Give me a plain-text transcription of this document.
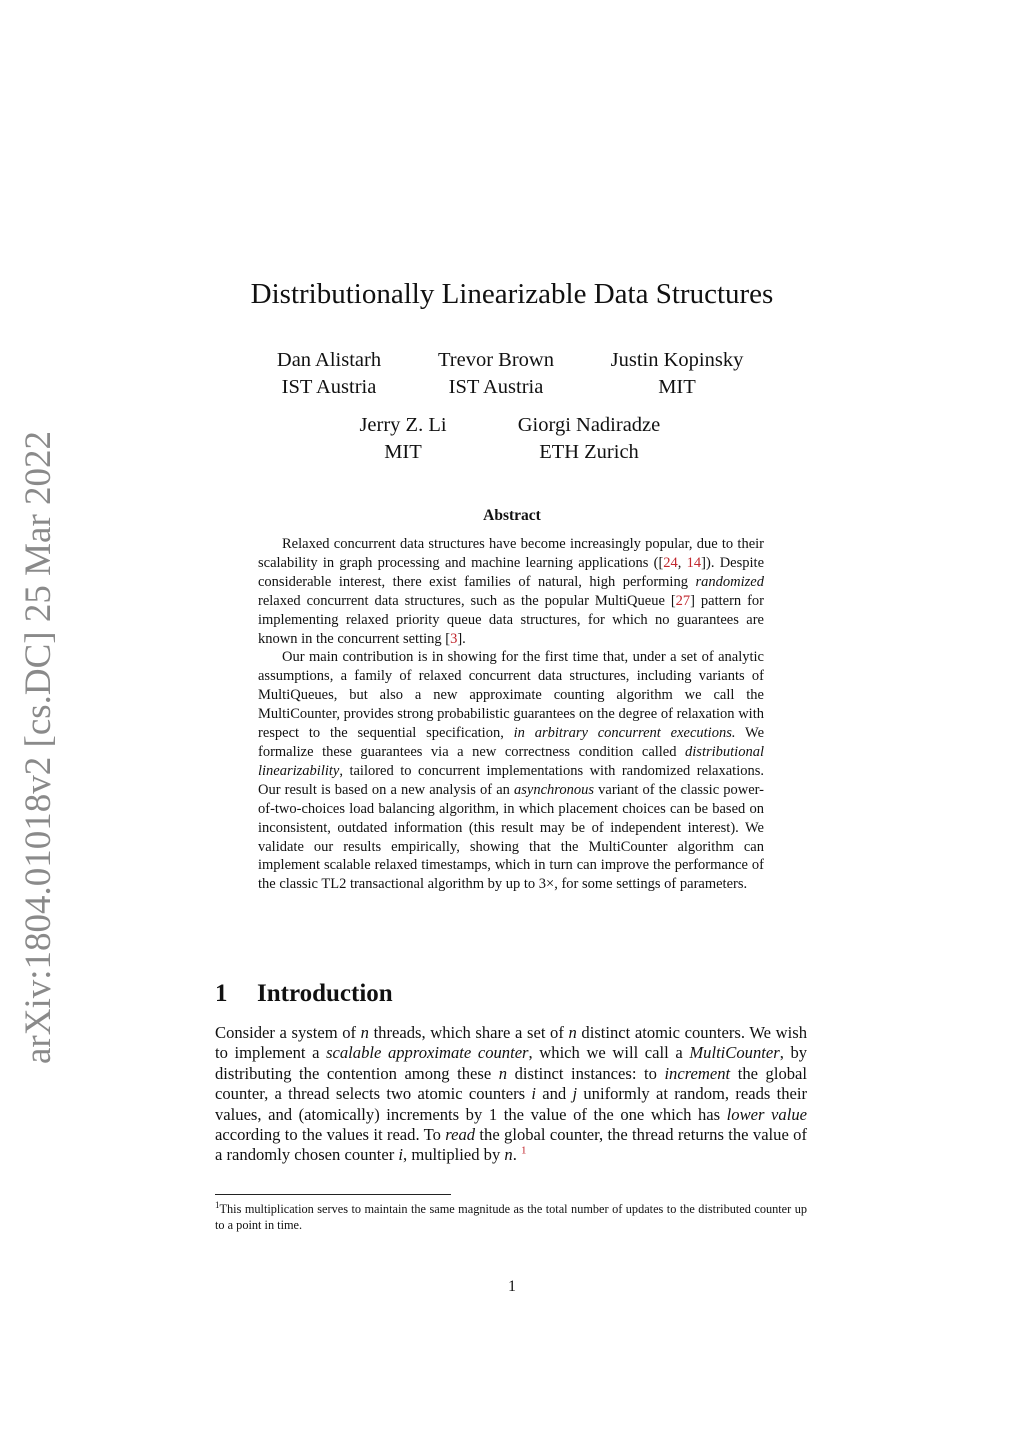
arXiv:1804.01018v2 [cs.DC] 25 Mar 2022
Distributionally Linearizable Data Structures
Dan Alistarh
IST Austria
Trevor Brown
IST Austria
Justin Kopinsky
MIT
Jerry Z. Li
MIT
Giorgi Nadiradze
ETH Zurich
Abstract

Relaxed concurrent data structures have become increasingly popular, due to their scalability in graph processing and machine learning applications ([24, 14]). Despite considerable interest, there exist families of natural, high performing randomized relaxed concurrent data structures, such as the popular MultiQueue [27] pattern for implementing relaxed priority queue data structures, for which no guarantees are known in the concurrent setting [3].

Our main contribution is in showing for the first time that, under a set of analytic assumptions, a family of relaxed concurrent data structures, including variants of MultiQueues, but also a new approximate counting algorithm we call the MultiCounter, provides strong probabilistic guarantees on the degree of relaxation with respect to the sequential specification, in arbitrary concurrent executions. We formalize these guarantees via a new correctness condition called distributional linearizability, tailored to concurrent implementations with randomized relaxations. Our result is based on a new analysis of an asynchronous variant of the classic power-of-two-choices load balancing algorithm, in which placement choices can be based on inconsistent, outdated information (this result may be of independent interest). We validate our results empirically, showing that the MultiCounter algorithm can implement scalable relaxed timestamps, which in turn can improve the performance of the classic TL2 transactional algorithm by up to 3×, for some settings of parameters.

1 Introduction

Consider a system of n threads, which share a set of n distinct atomic counters. We wish to implement a scalable approximate counter, which we will call a MultiCounter, by distributing the contention among these n distinct instances: to increment the global counter, a thread selects two atomic counters i and j uniformly at random, reads their values, and (atomically) increments by 1 the value of the one which has lower value according to the values it read. To read the global counter, the thread returns the value of a randomly chosen counter i, multiplied by n. $^1$

$^1$This multiplication serves to maintain the same magnitude as the total number of updates to the distributed counter up to a point in time.

1
